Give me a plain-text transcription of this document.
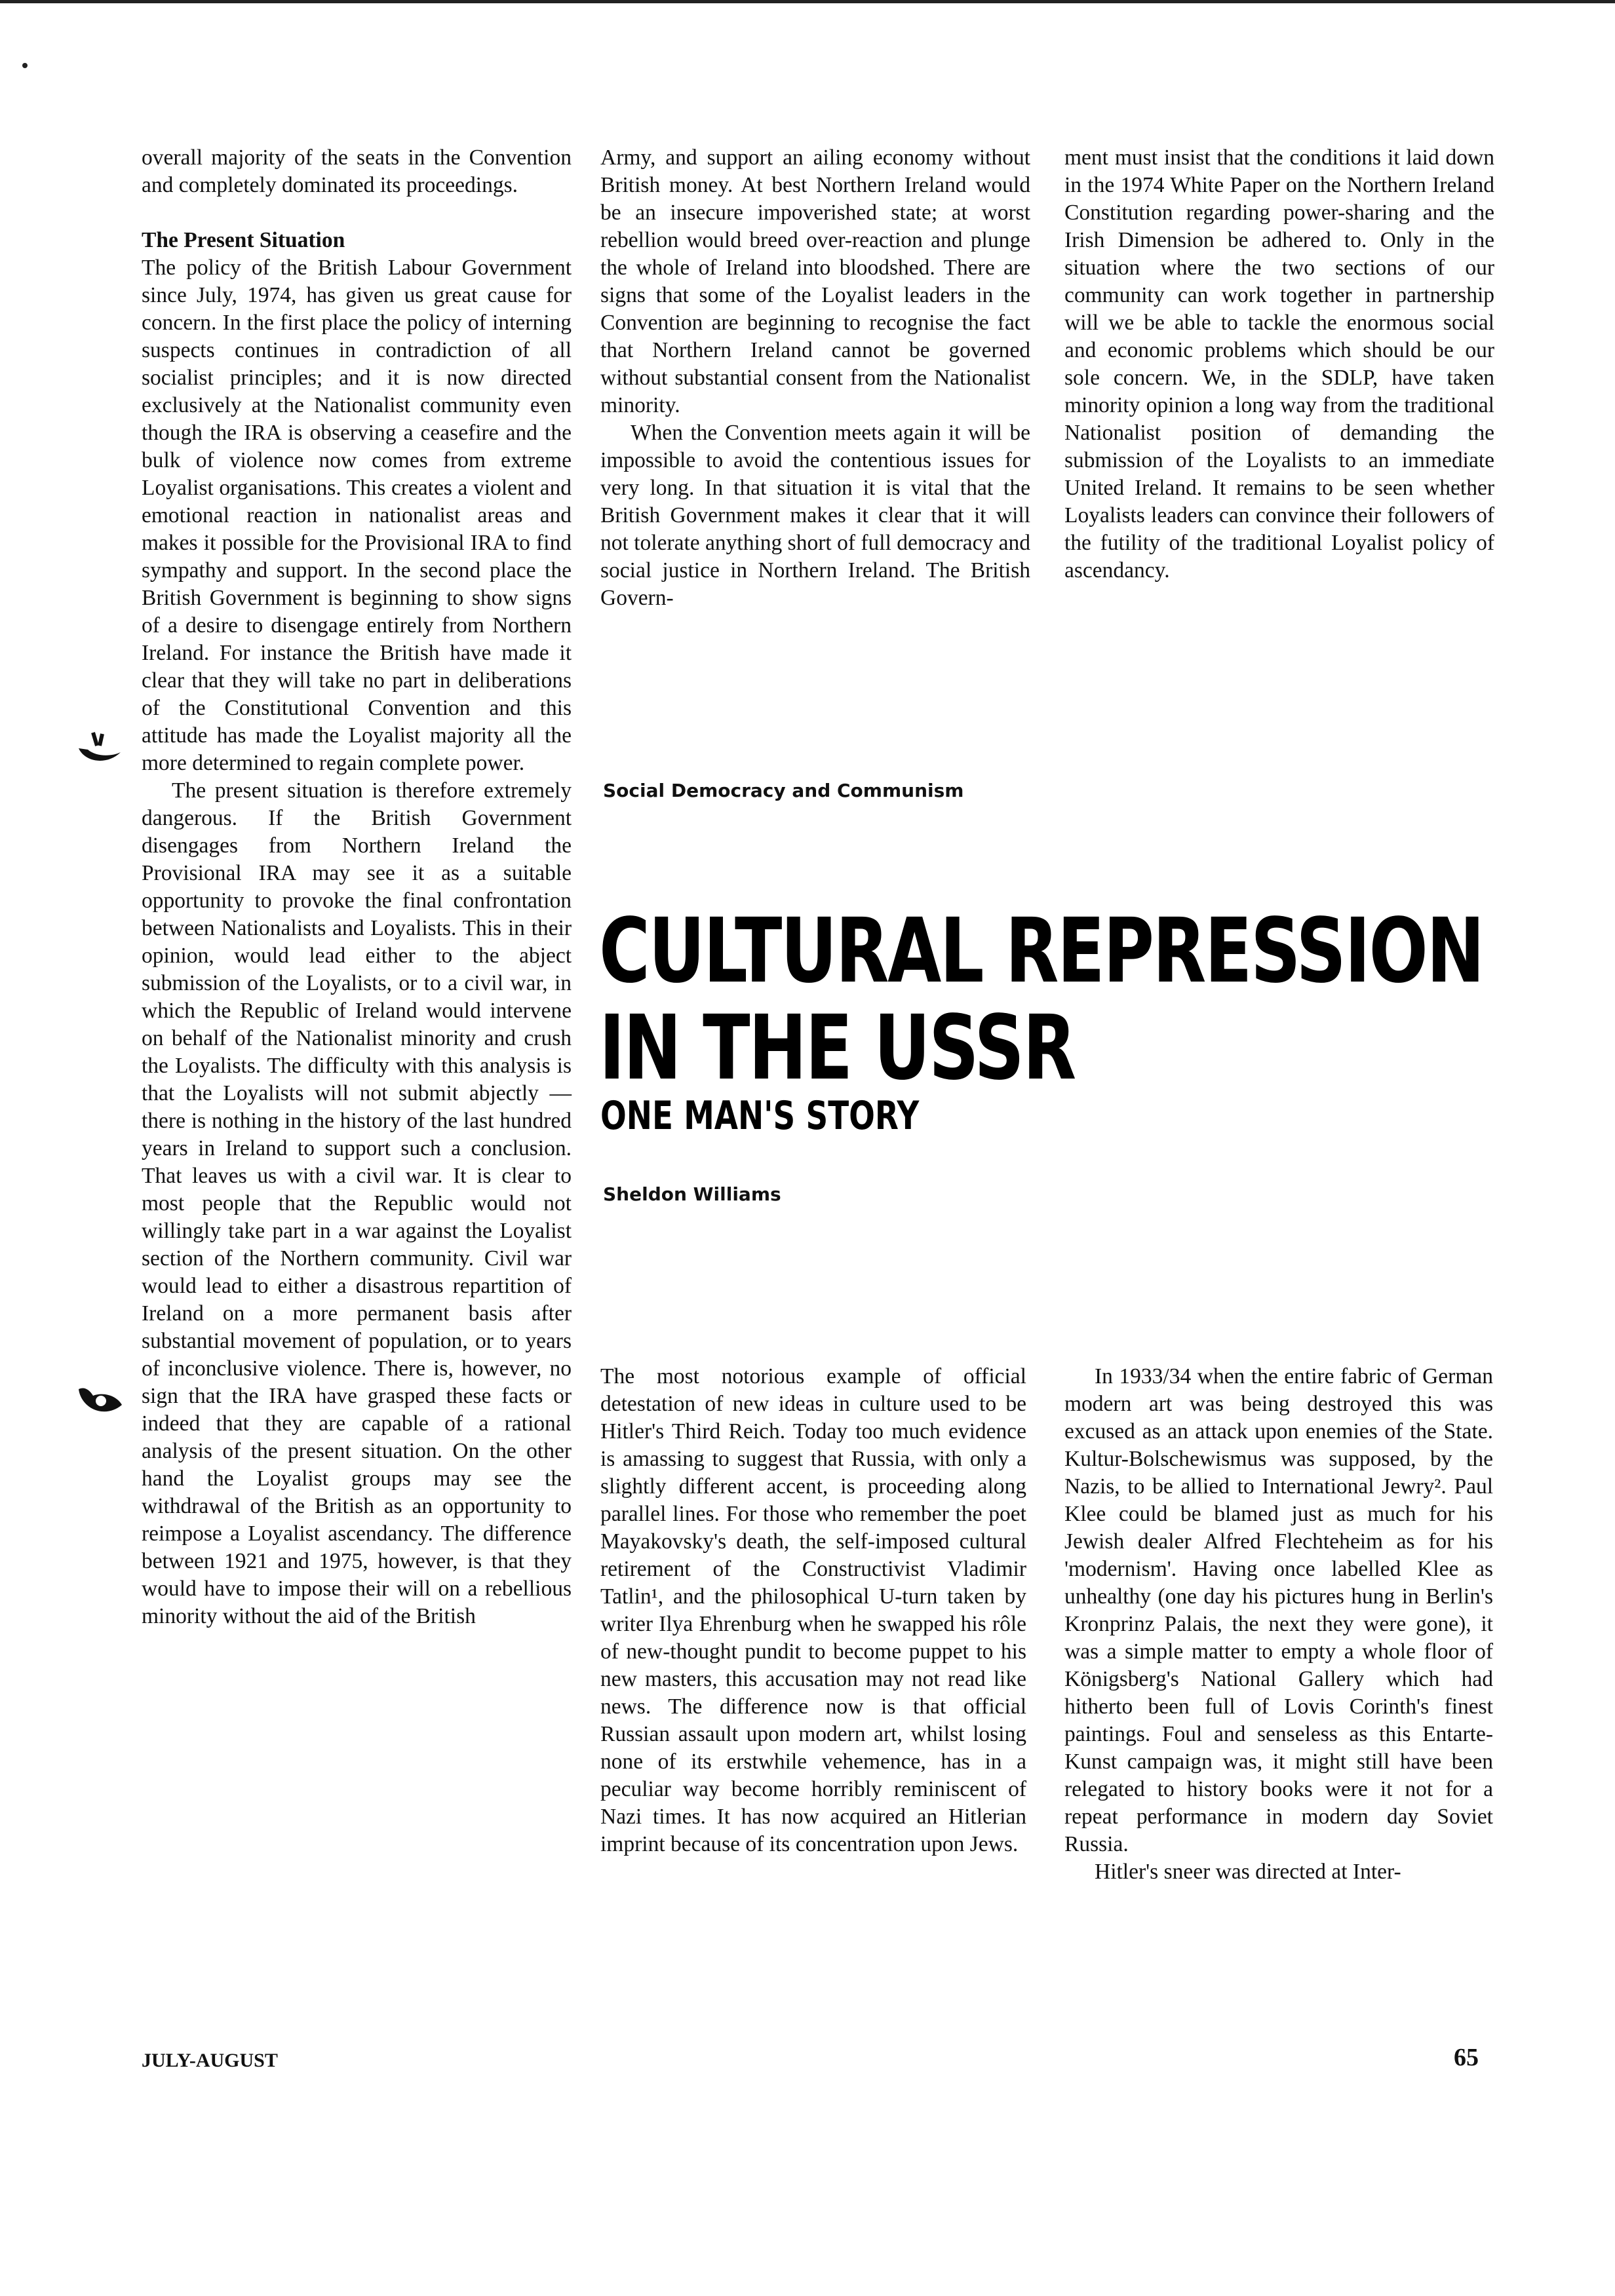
overall majority of the seats in the Convention and completely dominated its proceedings.

The Present Situation

The policy of the British Labour Government since July, 1974, has given us great cause for concern. In the first place the policy of interning suspects continues in contradiction of all socialist principles; and it is now directed exclusively at the Nationalist community even though the IRA is observing a ceasefire and the bulk of violence now comes from extreme Loyalist organisations. This creates a violent and emotional reaction in nationalist areas and makes it possible for the Provisional IRA to find sympathy and support. In the second place the British Government is beginning to show signs of a desire to disengage entirely from Northern Ireland. For instance the British have made it clear that they will take no part in deliberations of the Constitutional Convention and this attitude has made the Loyalist majority all the more determined to regain complete power.

The present situation is therefore extremely dangerous. If the British Government disengages from Northern Ireland the Provisional IRA may see it as a suitable opportunity to provoke the final confrontation between Nationalists and Loyalists. This in their opinion, would lead either to the abject submission of the Loyalists, or to a civil war, in which the Republic of Ireland would intervene on behalf of the Nationalist minority and crush the Loyalists. The difficulty with this analysis is that the Loyalists will not submit abjectly — there is nothing in the history of the last hundred years in Ireland to support such a conclusion. That leaves us with a civil war. It is clear to most people that the Republic would not willingly take part in a war against the Loyalist section of the Northern community. Civil war would lead to either a disastrous repartition of Ireland on a more permanent basis after substantial movement of population, or to years of inconclusive violence. There is, however, no sign that the IRA have grasped these facts or indeed that they are capable of a rational analysis of the present situation. On the other hand the Loyalist groups may see the withdrawal of the British as an opportunity to reimpose a Loyalist ascendancy. The difference between 1921 and 1975, however, is that they would have to impose their will on a rebellious minority without the aid of the British

Army, and support an ailing economy without British money. At best Northern Ireland would be an insecure impoverished state; at worst rebellion would breed over-reaction and plunge the whole of Ireland into bloodshed. There are signs that some of the Loyalist leaders in the Convention are beginning to recognise the fact that Northern Ireland cannot be governed without substantial consent from the Nationalist minority.

When the Convention meets again it will be impossible to avoid the contentious issues for very long. In that situation it is vital that the British Government makes it clear that it will not tolerate anything short of full democracy and social justice in Northern Ireland. The British Govern-

ment must insist that the conditions it laid down in the 1974 White Paper on the Northern Ireland Constitution regarding power-sharing and the Irish Dimension be adhered to. Only in the situation where the two sections of our community can work together in partnership will we be able to tackle the enormous social and economic problems which should be our sole concern. We, in the SDLP, have taken minority opinion a long way from the traditional Nationalist position of demanding the submission of the Loyalists to an immediate United Ireland. It remains to be seen whether Loyalists leaders can convince their followers of the futility of the traditional Loyalist policy of ascendancy.

Social Democracy and Communism
CULTURAL REPRESSION
IN THE USSR
ONE MAN'S STORY
Sheldon Williams

The most notorious example of official detestation of new ideas in culture used to be Hitler's Third Reich. Today too much evidence is amassing to suggest that Russia, with only a slightly different accent, is proceeding along parallel lines. For those who remember the poet Mayakovsky's death, the self-imposed cultural retirement of the Constructivist Vladimir Tatlin¹, and the philosophical U-turn taken by writer Ilya Ehrenburg when he swapped his rôle of new-thought pundit to become puppet to his new masters, this accusation may not read like news. The difference now is that official Russian assault upon modern art, whilst losing none of its erstwhile vehemence, has in a peculiar way become horribly reminiscent of Nazi times. It has now acquired an Hitlerian imprint because of its concentration upon Jews.

In 1933/34 when the entire fabric of German modern art was being destroyed this was excused as an attack upon enemies of the State. Kultur-Bolschewismus was supposed, by the Nazis, to be allied to International Jewry². Paul Klee could be blamed just as much for his Jewish dealer Alfred Flechteheim as for his 'modernism'. Having once labelled Klee as unhealthy (one day his pictures hung in Berlin's Kronprinz Palais, the next they were gone), it was a simple matter to empty a whole floor of Königsberg's National Gallery which had hitherto been full of Lovis Corinth's finest paintings. Foul and senseless as this Entarte-Kunst campaign was, it might still have been relegated to history books were it not for a repeat performance in modern day Soviet Russia.

Hitler's sneer was directed at Inter-

JULY-AUGUST	65
